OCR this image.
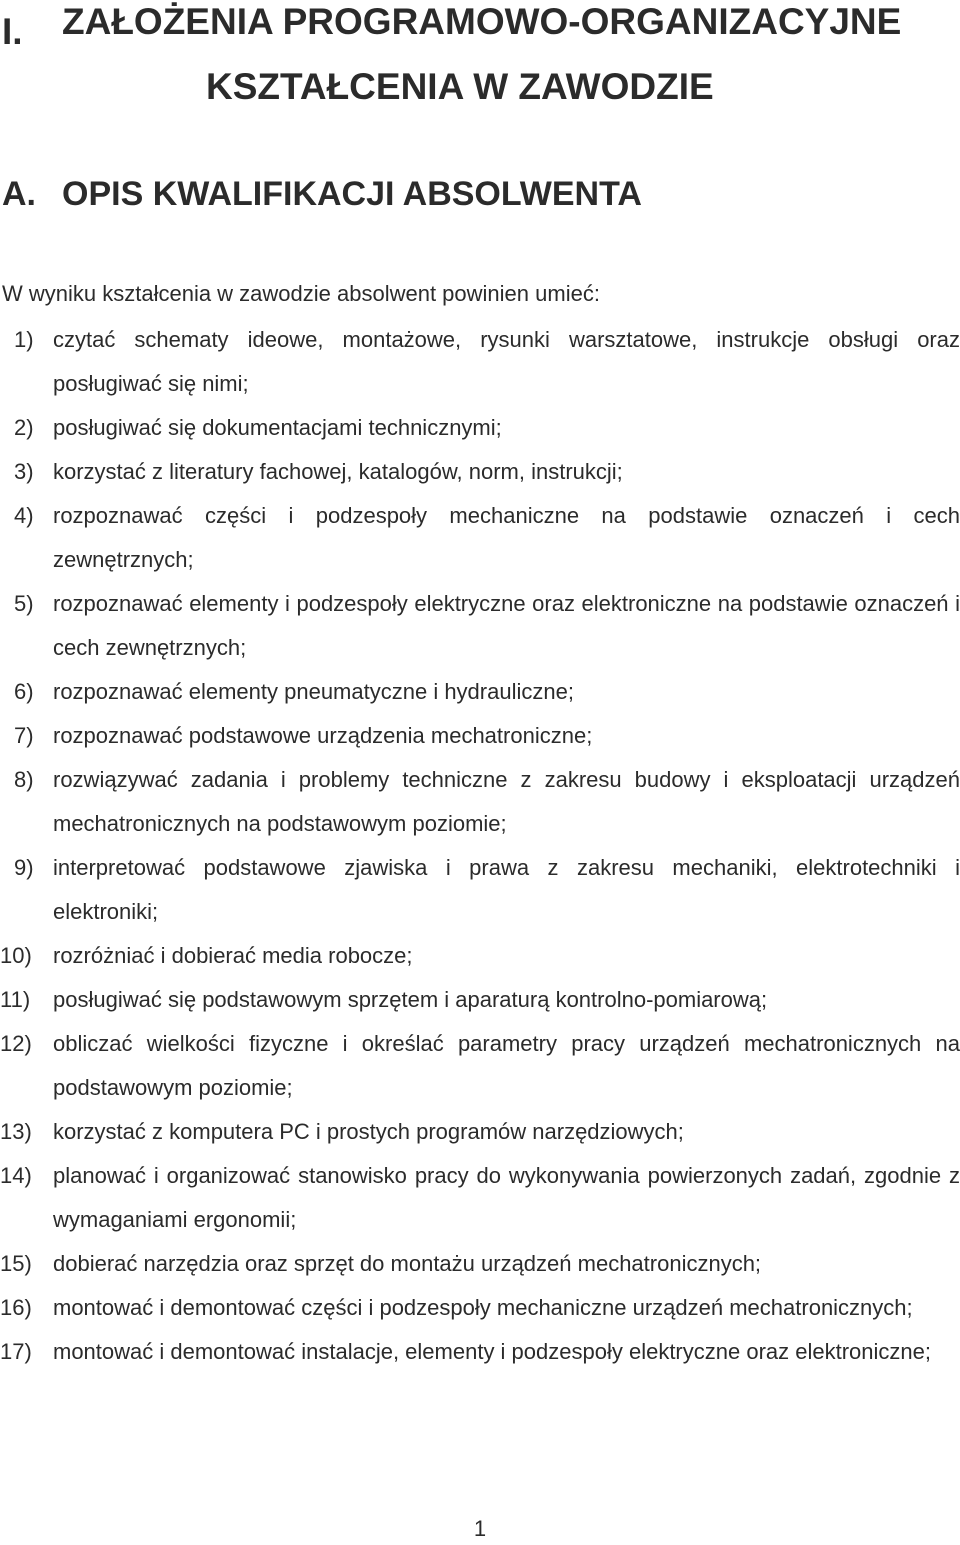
I. ZAŁOŻENIA PROGRAMOWO-ORGANIZACYJNE
KSZTAŁCENIA W ZAWODZIE
A. OPIS KWALIFIKACJI ABSOLWENTA
W wyniku kształcenia w zawodzie absolwent powinien umieć:
1) czytać schematy ideowe, montażowe, rysunki warsztatowe, instrukcje obsługi oraz posługiwać się nimi;
2) posługiwać się dokumentacjami technicznymi;
3) korzystać z literatury fachowej, katalogów, norm, instrukcji;
4) rozpoznawać części i podzespoły mechaniczne na podstawie oznaczeń i cech zewnętrznych;
5) rozpoznawać elementy i podzespoły elektryczne oraz elektroniczne na podstawie oznaczeń i cech zewnętrznych;
6) rozpoznawać elementy pneumatyczne i hydrauliczne;
7) rozpoznawać podstawowe urządzenia mechatroniczne;
8) rozwiązywać zadania i problemy techniczne z zakresu budowy i eksploatacji urządzeń mechatronicznych na podstawowym poziomie;
9) interpretować podstawowe zjawiska i prawa z zakresu mechaniki, elektrotechniki i elektroniki;
10) rozróżniać i dobierać media robocze;
11)	posługiwać się podstawowym sprzętem i aparaturą kontrolno-pomiarową;
12) obliczać wielkości fizyczne i określać parametry pracy urządzeń mechatronicznych na podstawowym poziomie;
13) korzystać z komputera PC i prostych programów narzędziowych;
14) planować i organizować stanowisko pracy do wykonywania powierzonych zadań, zgodnie z wymaganiami ergonomii;
15) dobierać narzędzia oraz sprzęt do montażu urządzeń mechatronicznych;
16) montować i demontować części i podzespoły mechaniczne urządzeń mechatronicznych;
17) montować i demontować instalacje, elementy i podzespoły elektryczne oraz elektroniczne;
1
